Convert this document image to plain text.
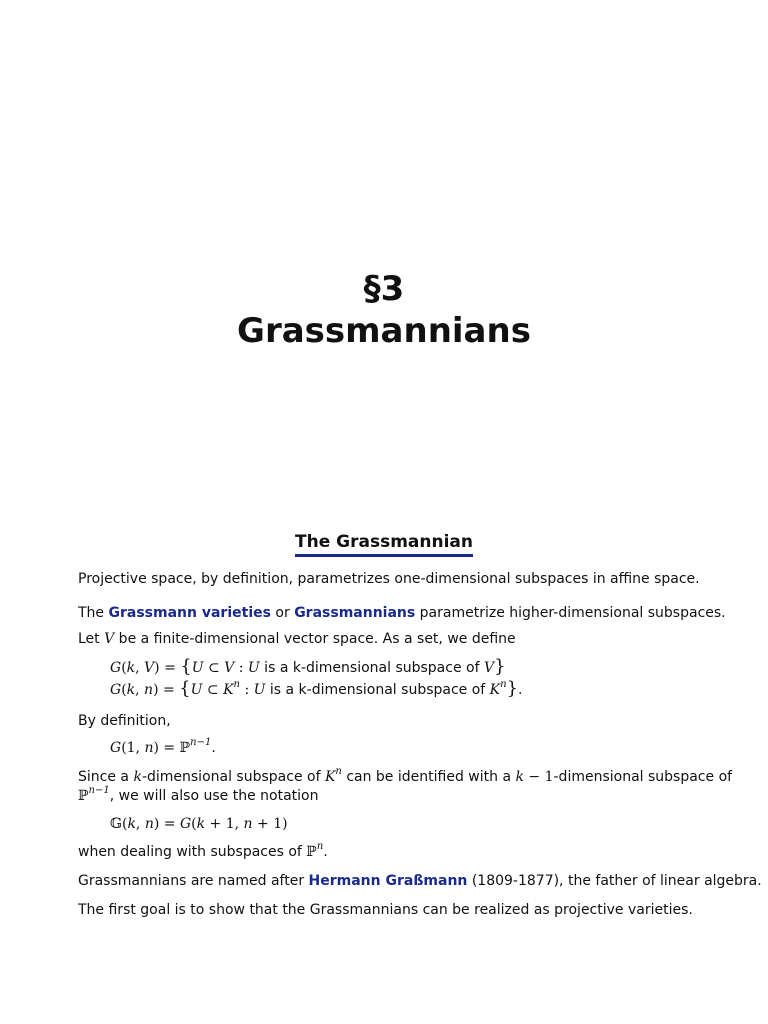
§3
Grassmannians
The Grassmannian
Projective space, by definition, parametrizes one-dimensional subspaces in affine space.
The Grassmann varieties or Grassmannians parametrize higher-dimensional subspaces.
Let V be a finite-dimensional vector space. As a set, we define
G(k, V) = {U ⊂ V : U is a k-dimensional subspace of V}
G(k, n) = {U ⊂ $K^n$ : U is a k-dimensional subspace of $K^n$}.
By definition,
G(1, n) = ℙ$^{n-1}$.
Since a k-dimensional subspace of $K^n$ can be identified with a k − 1-dimensional subspace of
ℙ$^{n-1}$, we will also use the notation
𝔾(k, n) = G(k + 1, n + 1)
when dealing with subspaces of ℙ$^n$.
Grassmannians are named after Hermann Graßmann (1809-1877), the father of linear algebra.
The first goal is to show that the Grassmannians can be realized as projective varieties.
